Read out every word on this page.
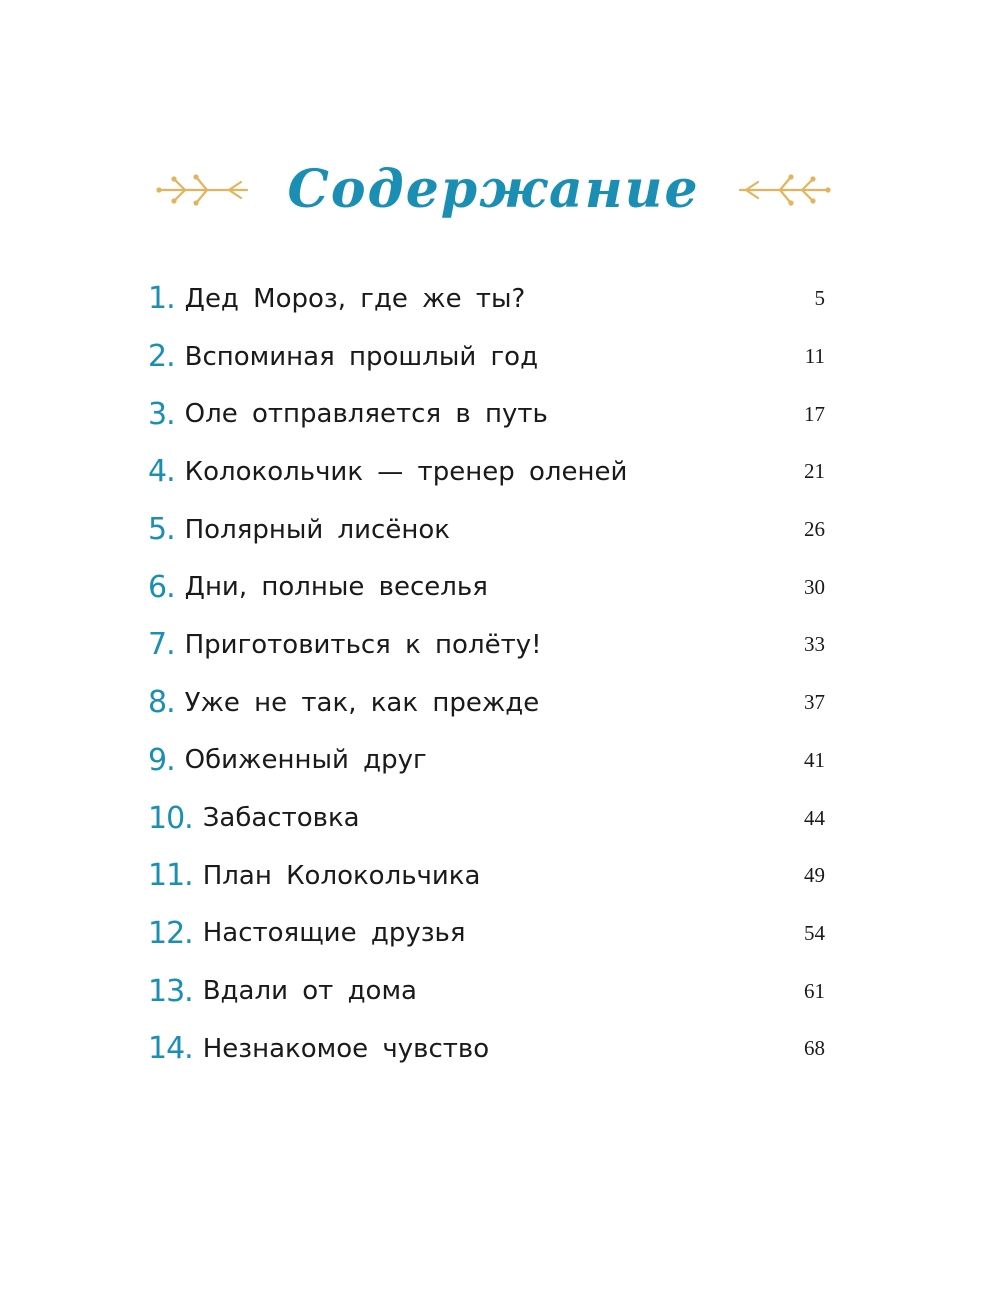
Содержание
1. Дед Мороз, где же ты?	5
2. Вспоминая прошлый год	11
3. Оле отправляется в путь	17
4. Колокольчик — тренер оленей	21
5. Полярный лисёнок	26
6. Дни, полные веселья	30
7. Приготовиться к полёту!	33
8. Уже не так, как прежде	37
9. Обиженный друг	41
10. Забастовка	44
11. План Колокольчика	49
12. Настоящие друзья	54
13. Вдали от дома	61
14. Незнакомое чувство	68
